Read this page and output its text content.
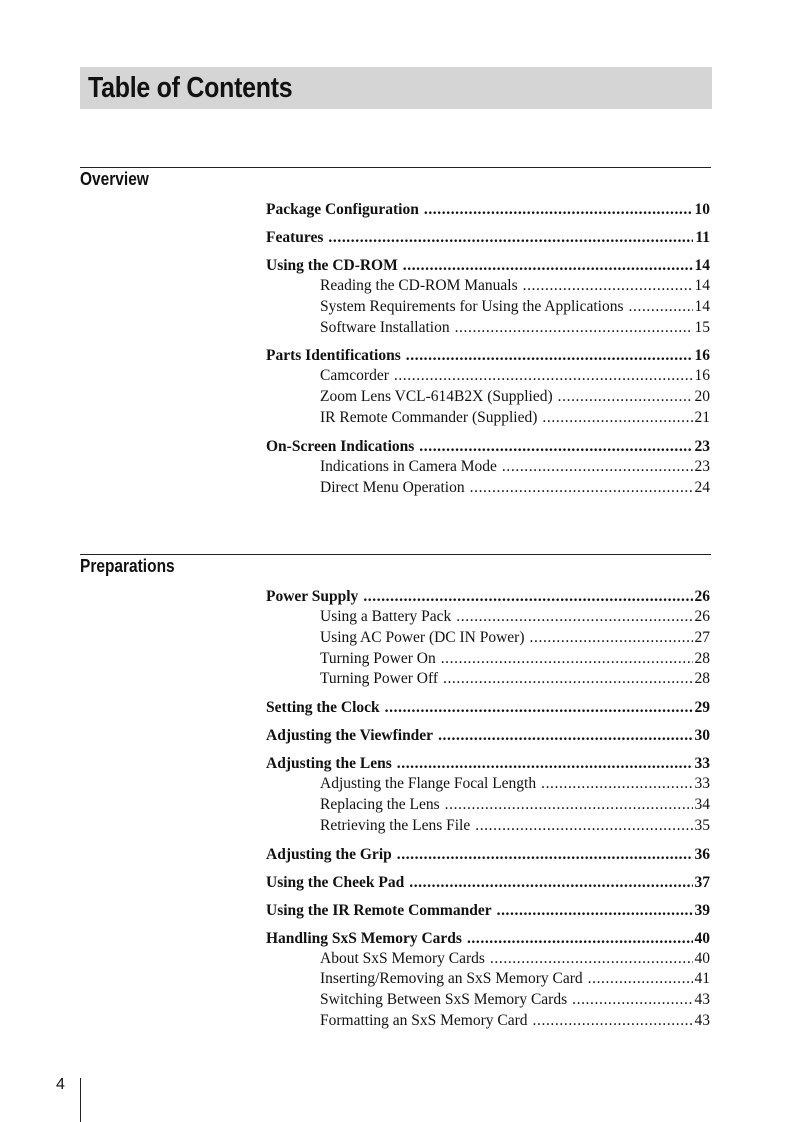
Table of Contents
Overview
Package Configuration .....	10
Features .....	11
Using the CD-ROM .....	14
Reading the CD-ROM Manuals .....	14
System Requirements for Using the Applications .....	14
Software Installation .....	15
Parts Identifications .....	16
Camcorder .....	16
Zoom Lens VCL-614B2X (Supplied) .....	20
IR Remote Commander (Supplied) .....	21
On-Screen Indications .....	23
Indications in Camera Mode .....	23
Direct Menu Operation .....	24
Preparations
Power Supply .....	26
Using a Battery Pack .....	26
Using AC Power (DC IN Power) .....	27
Turning Power On .....	28
Turning Power Off .....	28
Setting the Clock .....	29
Adjusting the Viewfinder .....	30
Adjusting the Lens .....	33
Adjusting the Flange Focal Length .....	33
Replacing the Lens .....	34
Retrieving the Lens File .....	35
Adjusting the Grip .....	36
Using the Cheek Pad .....	37
Using the IR Remote Commander .....	39
Handling SxS Memory Cards .....	40
About SxS Memory Cards .....	40
Inserting/Removing an SxS Memory Card .....	41
Switching Between SxS Memory Cards .....	43
Formatting an SxS Memory Card .....	43
4
